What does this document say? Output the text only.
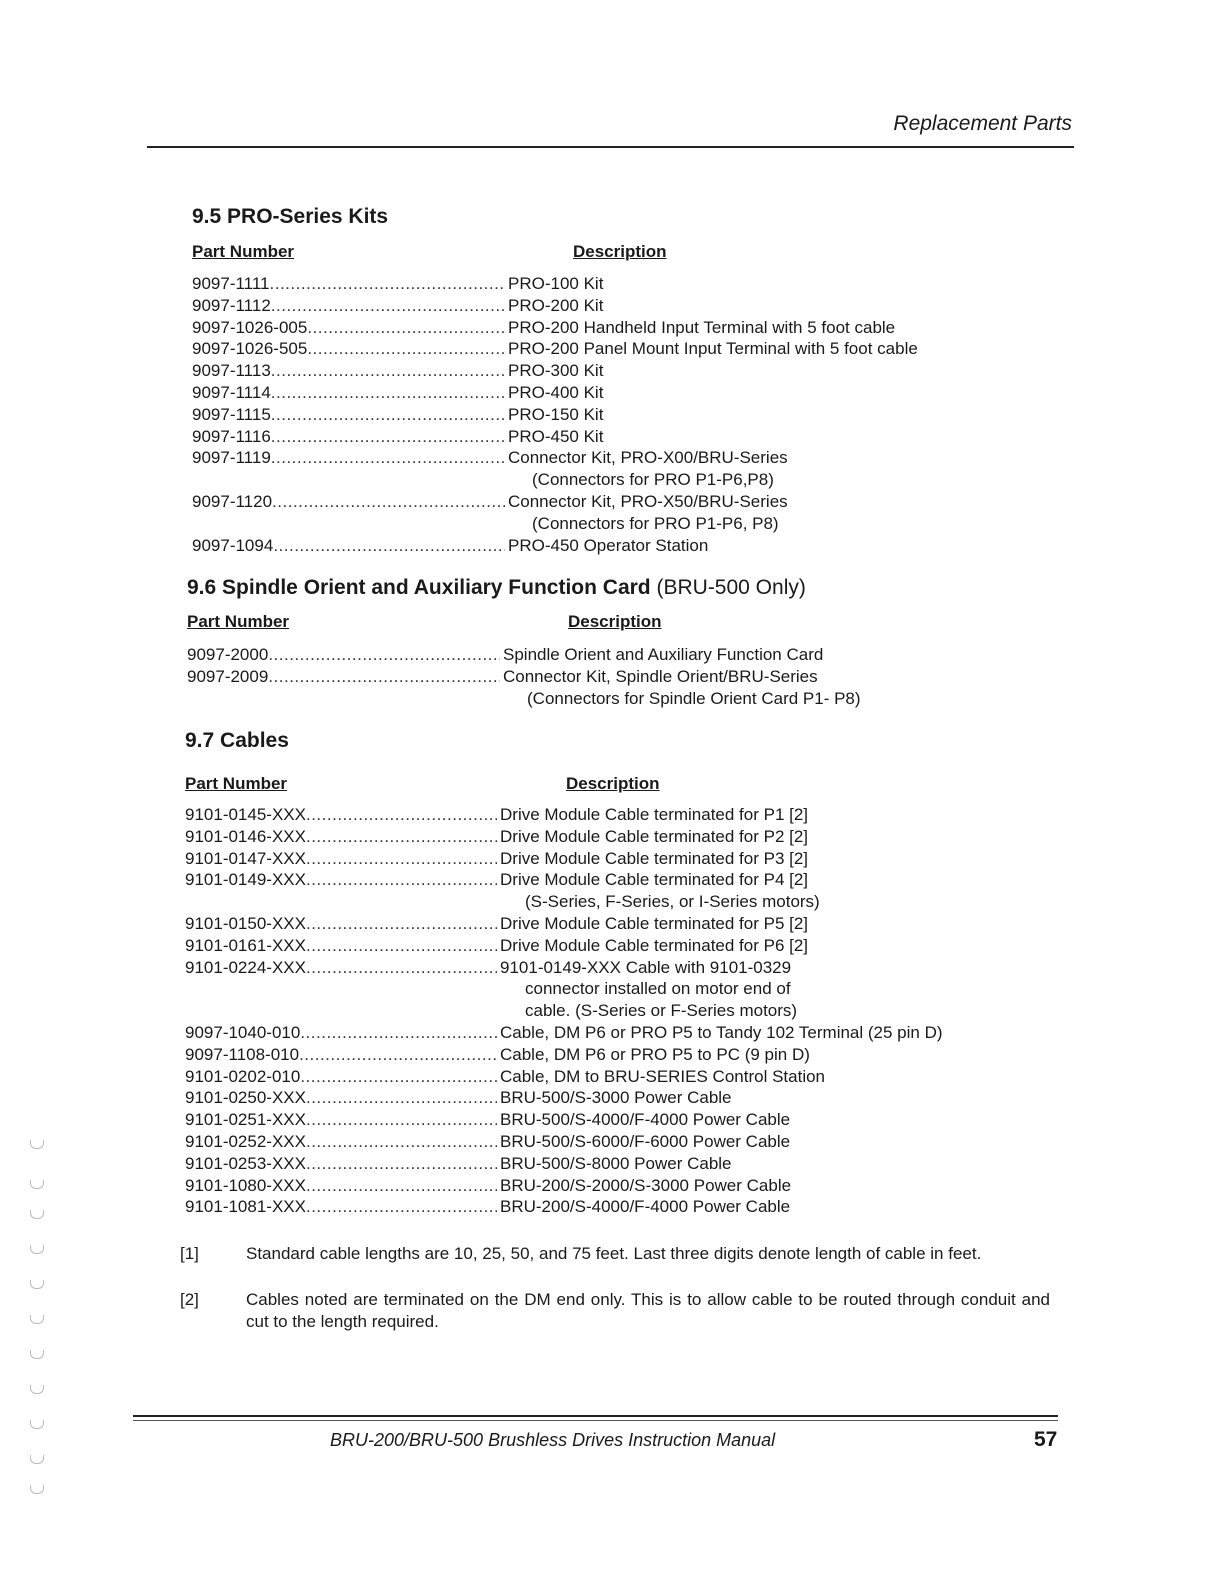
Replacement Parts
9.5 PRO-Series Kits
Part Number	Description
9097-1111 .....	PRO-100 Kit
9097-1112 .....	PRO-200 Kit
9097-1026-005 .....	PRO-200 Handheld Input Terminal with 5 foot cable
9097-1026-505 .....	PRO-200 Panel Mount Input Terminal with 5 foot cable
9097-1113 .....	PRO-300 Kit
9097-1114 .....	PRO-400 Kit
9097-1115 .....	PRO-150 Kit
9097-1116 .....	PRO-450 Kit
9097-1119 .....	Connector Kit, PRO-X00/BRU-Series
(Connectors for PRO P1-P6,P8)
9097-1120 .....	Connector Kit, PRO-X50/BRU-Series
(Connectors for PRO P1-P6, P8)
9097-1094 .....	PRO-450 Operator Station
9.6 Spindle Orient and Auxiliary Function Card (BRU-500 Only)
Part Number	Description
9097-2000 .....	Spindle Orient and Auxiliary Function Card
9097-2009 .....	Connector Kit, Spindle Orient/BRU-Series
(Connectors for Spindle Orient Card P1- P8)
9.7 Cables
Part Number	Description
9101-0145-XXX .....	Drive Module Cable terminated for P1 [2]
9101-0146-XXX .....	Drive Module Cable terminated for P2 [2]
9101-0147-XXX .....	Drive Module Cable terminated for P3 [2]
9101-0149-XXX .....	Drive Module Cable terminated for P4 [2]
(S-Series, F-Series, or I-Series motors)
9101-0150-XXX .....	Drive Module Cable terminated for P5 [2]
9101-0161-XXX .....	Drive Module Cable terminated for P6 [2]
9101-0224-XXX .....	9101-0149-XXX Cable with 9101-0329
connector installed on motor end of
cable. (S-Series or F-Series motors)
9097-1040-010 .....	Cable, DM P6 or PRO P5 to Tandy 102 Terminal (25 pin D)
9097-1108-010 .....	Cable, DM P6 or PRO P5 to PC (9 pin D)
9101-0202-010 .....	Cable, DM to BRU-SERIES Control Station
9101-0250-XXX .....	BRU-500/S-3000 Power Cable
9101-0251-XXX .....	BRU-500/S-4000/F-4000 Power Cable
9101-0252-XXX .....	BRU-500/S-6000/F-6000 Power Cable
9101-0253-XXX .....	BRU-500/S-8000 Power Cable
9101-1080-XXX .....	BRU-200/S-2000/S-3000 Power Cable
9101-1081-XXX .....	BRU-200/S-4000/F-4000 Power Cable
[1]	Standard cable lengths are 10, 25, 50, and 75 feet. Last three digits denote length of cable in feet.
[2]	Cables noted are terminated on the DM end only. This is to allow cable to be routed through conduit and cut to the length required.
BRU-200/BRU-500 Brushless Drives Instruction Manual	57
